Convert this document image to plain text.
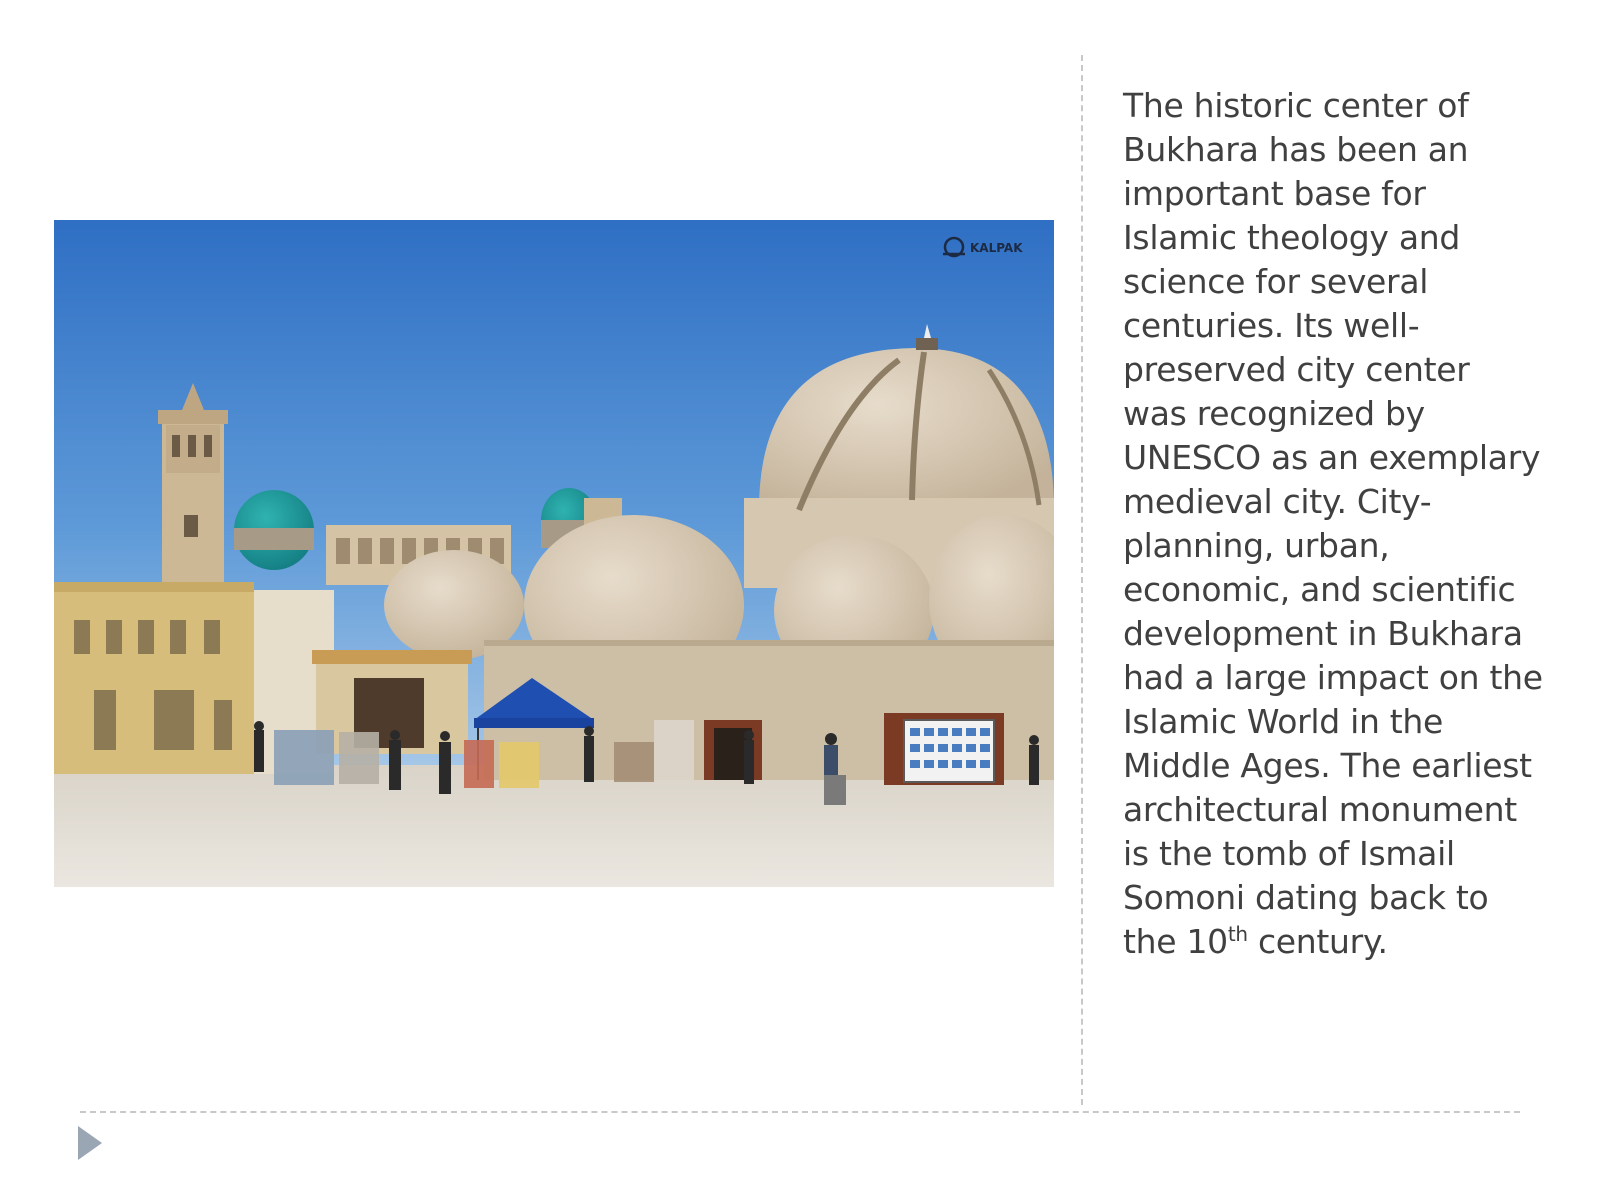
KALPAK
The historic center of Bukhara has been an important base for Islamic theology and science for several centuries. Its well-preserved city center was recognized by UNESCO as an exemplary medieval city. City-planning, urban, economic, and scientific development in Bukhara had a large impact on the Islamic World in the Middle Ages. The earliest architectural monument is the tomb of Ismail Somoni dating back to the 10th century.
